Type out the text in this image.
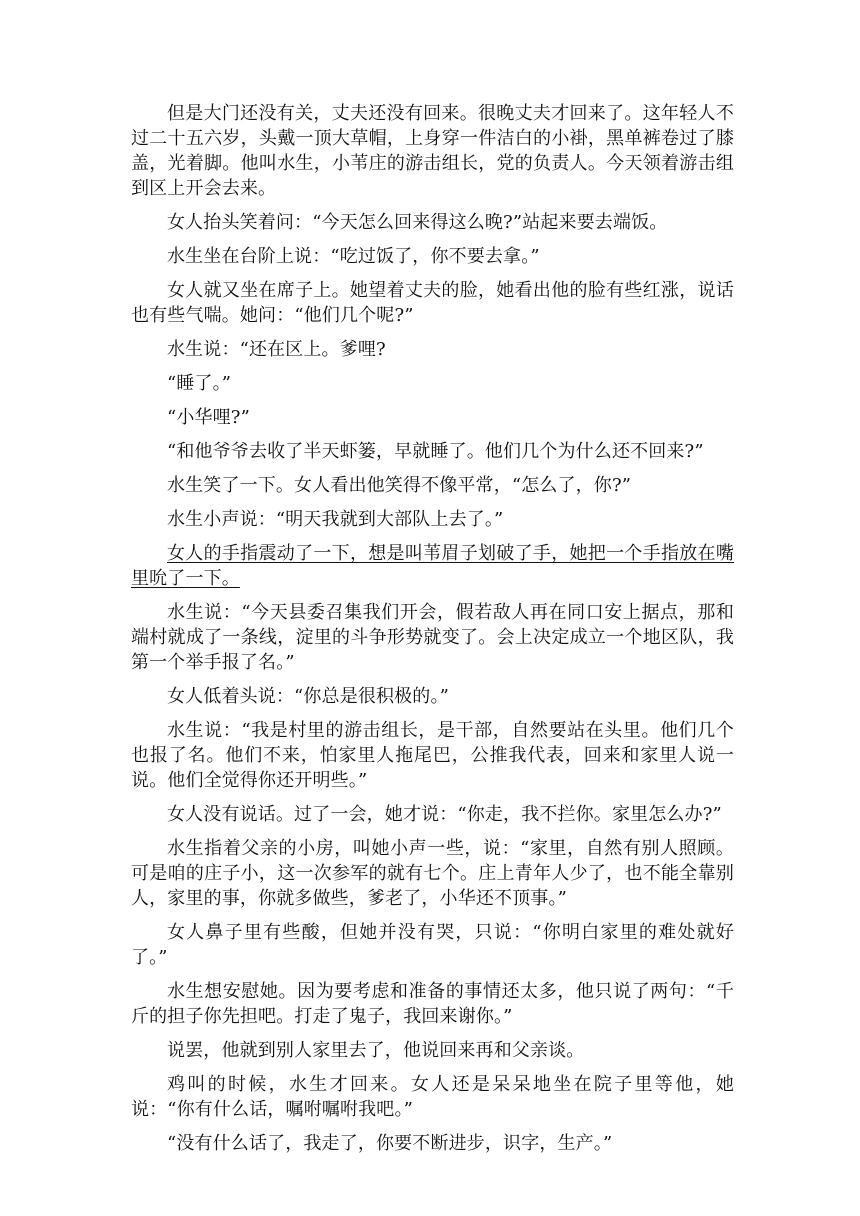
但是大门还没有关，丈夫还没有回来。很晚丈夫才回来了。这年轻人不过二十五六岁，头戴一顶大草帽，上身穿一件洁白的小褂，黑单裤卷过了膝盖，光着脚。他叫水生，小苇庄的游击组长，党的负责人。今天领着游击组到区上开会去来。

女人抬头笑着问：“今天怎么回来得这么晚?”站起来要去端饭。

水生坐在台阶上说：“吃过饭了，你不要去拿。”

女人就又坐在席子上。她望着丈夫的脸，她看出他的脸有些红涨，说话也有些气喘。她问：“他们几个呢?”

水生说：“还在区上。爹哩?

“睡了。”

“小华哩?”

“和他爷爷去收了半天虾篓，早就睡了。他们几个为什么还不回来?”

水生笑了一下。女人看出他笑得不像平常，“怎么了，你?”

水生小声说：“明天我就到大部队上去了。”

女人的手指震动了一下，想是叫苇眉子划破了手，她把一个手指放在嘴里吮了一下。

水生说：“今天县委召集我们开会，假若敌人再在同口安上据点，那和端村就成了一条线，淀里的斗争形势就变了。会上决定成立一个地区队，我第一个举手报了名。”

女人低着头说：“你总是很积极的。”

水生说：“我是村里的游击组长，是干部，自然要站在头里。他们几个也报了名。他们不来，怕家里人拖尾巴，公推我代表，回来和家里人说一说。他们全觉得你还开明些。”

女人没有说话。过了一会，她才说：“你走，我不拦你。家里怎么办?”

水生指着父亲的小房，叫她小声一些，说：“家里，自然有别人照顾。可是咱的庄子小，这一次参军的就有七个。庄上青年人少了，也不能全靠别人，家里的事，你就多做些，爹老了，小华还不顶事。”

女人鼻子里有些酸，但她并没有哭，只说：“你明白家里的难处就好了。”

水生想安慰她。因为要考虑和准备的事情还太多，他只说了两句：“千斤的担子你先担吧。打走了鬼子，我回来谢你。”

说罢，他就到别人家里去了，他说回来再和父亲谈。

鸡叫的时候，水生才回来。女人还是呆呆地坐在院子里等他，她说：“你有什么话，嘱咐嘱咐我吧。”

“没有什么话了，我走了，你要不断进步，识字，生产。”
